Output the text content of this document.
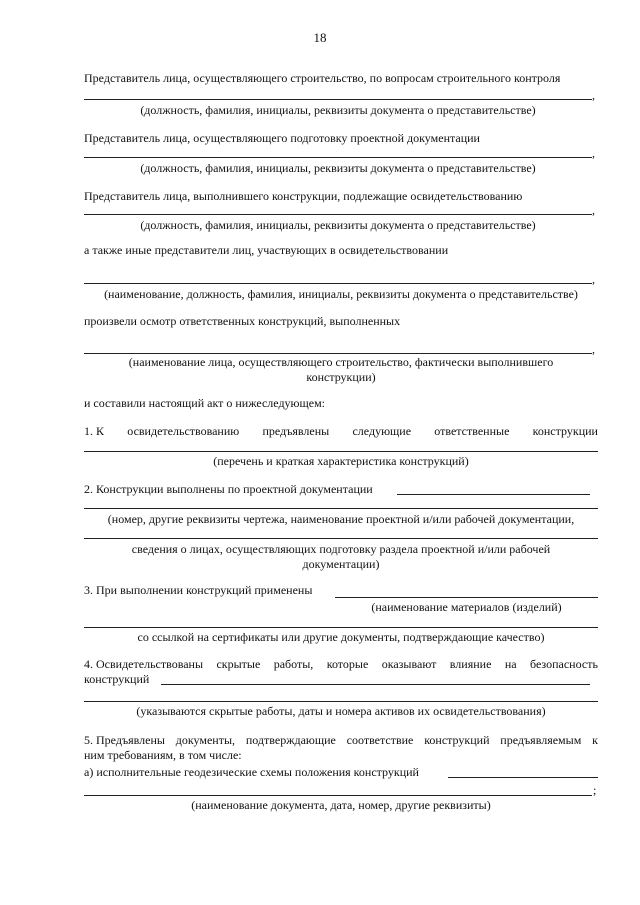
18
Представитель лица, осуществляющего строительство, по вопросам строительного контроля
,
(должность, фамилия, инициалы, реквизиты документа о представительстве)
Представитель лица, осуществляющего подготовку проектной документации
,
(должность, фамилия, инициалы, реквизиты документа о представительстве)
Представитель лица, выполнившего конструкции, подлежащие освидетельствованию
,
(должность, фамилия, инициалы, реквизиты документа о представительстве)
а также иные представители лиц, участвующих в освидетельствовании
,
(наименование, должность, фамилия, инициалы, реквизиты документа о представительстве)
произвели осмотр ответственных конструкций, выполненных
,
(наименование лица, осуществляющего строительство, фактически выполнившего
конструкции)
и составили настоящий акт о нижеследующем:
1. К освидетельствованию предъявлены следующие ответственные конструкции
(перечень и краткая характеристика конструкций)
2. Конструкции выполнены по проектной документации
(номер, другие реквизиты чертежа, наименование проектной и/или рабочей документации,
сведения о лицах, осуществляющих подготовку раздела проектной и/или рабочей
документации)
3. При выполнении конструкций применены
(наименование материалов (изделий)
со ссылкой на сертификаты или другие документы, подтверждающие качество)
4. Освидетельствованы скрытые работы, которые оказывают влияние на безопасность
конструкций
(указываются скрытые работы, даты и номера активов их освидетельствования)
5. Предъявлены документы, подтверждающие соответствие конструкций предъявляемым к
ним требованиям, в том числе:
а) исполнительные геодезические схемы положения конструкций
;
(наименование документа, дата, номер, другие реквизиты)
